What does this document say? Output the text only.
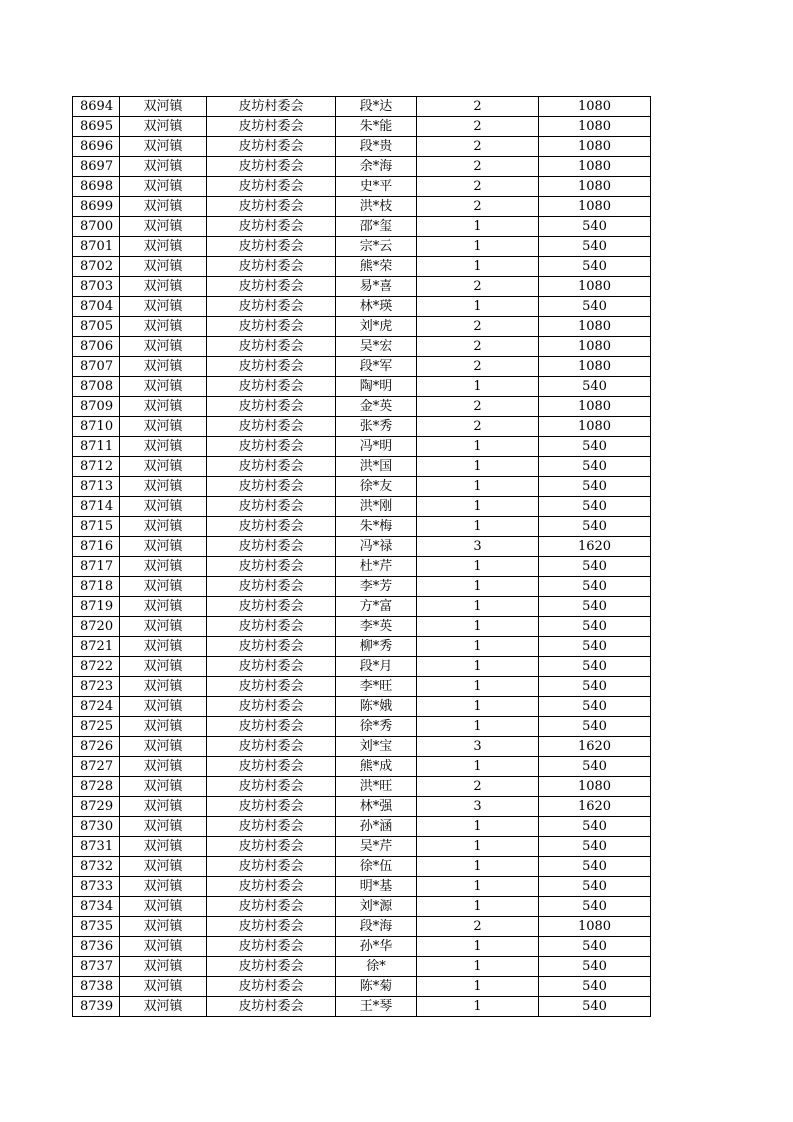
8694	双河镇	皮坊村委会	段*达	2	1080
8695	双河镇	皮坊村委会	朱*能	2	1080
8696	双河镇	皮坊村委会	段*贵	2	1080
8697	双河镇	皮坊村委会	余*海	2	1080
8698	双河镇	皮坊村委会	史*平	2	1080
8699	双河镇	皮坊村委会	洪*枝	2	1080
8700	双河镇	皮坊村委会	邵*玺	1	540
8701	双河镇	皮坊村委会	宗*云	1	540
8702	双河镇	皮坊村委会	熊*荣	1	540
8703	双河镇	皮坊村委会	易*喜	2	1080
8704	双河镇	皮坊村委会	林*瑛	1	540
8705	双河镇	皮坊村委会	刘*虎	2	1080
8706	双河镇	皮坊村委会	吴*宏	2	1080
8707	双河镇	皮坊村委会	段*军	2	1080
8708	双河镇	皮坊村委会	陶*明	1	540
8709	双河镇	皮坊村委会	金*英	2	1080
8710	双河镇	皮坊村委会	张*秀	2	1080
8711	双河镇	皮坊村委会	冯*明	1	540
8712	双河镇	皮坊村委会	洪*国	1	540
8713	双河镇	皮坊村委会	徐*友	1	540
8714	双河镇	皮坊村委会	洪*刚	1	540
8715	双河镇	皮坊村委会	朱*梅	1	540
8716	双河镇	皮坊村委会	冯*禄	3	1620
8717	双河镇	皮坊村委会	杜*芹	1	540
8718	双河镇	皮坊村委会	李*芳	1	540
8719	双河镇	皮坊村委会	方*富	1	540
8720	双河镇	皮坊村委会	李*英	1	540
8721	双河镇	皮坊村委会	柳*秀	1	540
8722	双河镇	皮坊村委会	段*月	1	540
8723	双河镇	皮坊村委会	李*旺	1	540
8724	双河镇	皮坊村委会	陈*娥	1	540
8725	双河镇	皮坊村委会	徐*秀	1	540
8726	双河镇	皮坊村委会	刘*宝	3	1620
8727	双河镇	皮坊村委会	熊*成	1	540
8728	双河镇	皮坊村委会	洪*旺	2	1080
8729	双河镇	皮坊村委会	林*强	3	1620
8730	双河镇	皮坊村委会	孙*涵	1	540
8731	双河镇	皮坊村委会	吴*芹	1	540
8732	双河镇	皮坊村委会	徐*伍	1	540
8733	双河镇	皮坊村委会	明*基	1	540
8734	双河镇	皮坊村委会	刘*源	1	540
8735	双河镇	皮坊村委会	段*海	2	1080
8736	双河镇	皮坊村委会	孙*华	1	540
8737	双河镇	皮坊村委会	徐*	1	540
8738	双河镇	皮坊村委会	陈*菊	1	540
8739	双河镇	皮坊村委会	王*琴	1	540
